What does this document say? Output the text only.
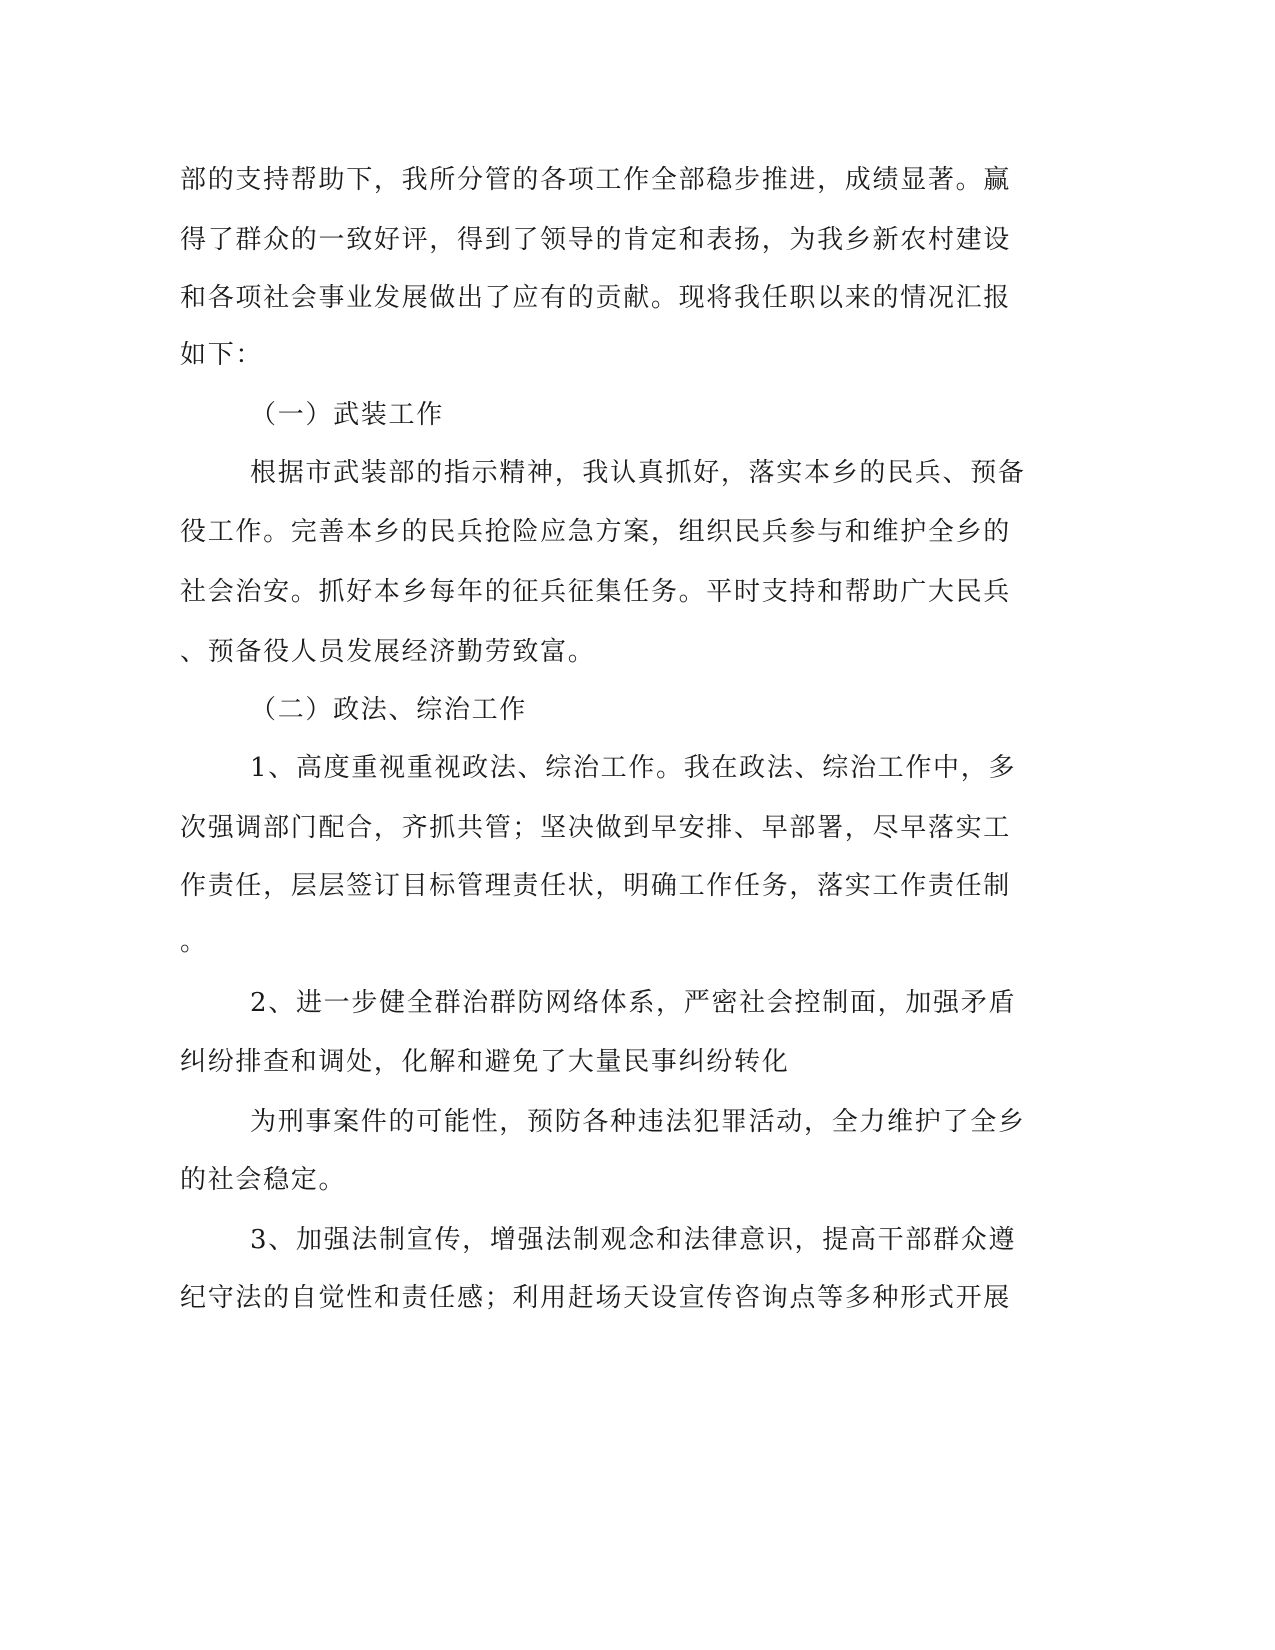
部的支持帮助下，我所分管的各项工作全部稳步推进，成绩显著。赢
得了群众的一致好评，得到了领导的肯定和表扬，为我乡新农村建设
和各项社会事业发展做出了应有的贡献。现将我任职以来的情况汇报
如下：
（一）武装工作
根据市武装部的指示精神，我认真抓好，落实本乡的民兵、预备
役工作。完善本乡的民兵抢险应急方案，组织民兵参与和维护全乡的
社会治安。抓好本乡每年的征兵征集任务。平时支持和帮助广大民兵
、预备役人员发展经济勤劳致富。
（二）政法、综治工作
1、高度重视重视政法、综治工作。我在政法、综治工作中，多
次强调部门配合，齐抓共管；坚决做到早安排、早部署，尽早落实工
作责任，层层签订目标管理责任状，明确工作任务，落实工作责任制
。
2、进一步健全群治群防网络体系，严密社会控制面，加强矛盾
纠纷排查和调处，化解和避免了大量民事纠纷转化
为刑事案件的可能性，预防各种违法犯罪活动，全力维护了全乡
的社会稳定。
3、加强法制宣传，增强法制观念和法律意识，提高干部群众遵
纪守法的自觉性和责任感；利用赶场天设宣传咨询点等多种形式开展
